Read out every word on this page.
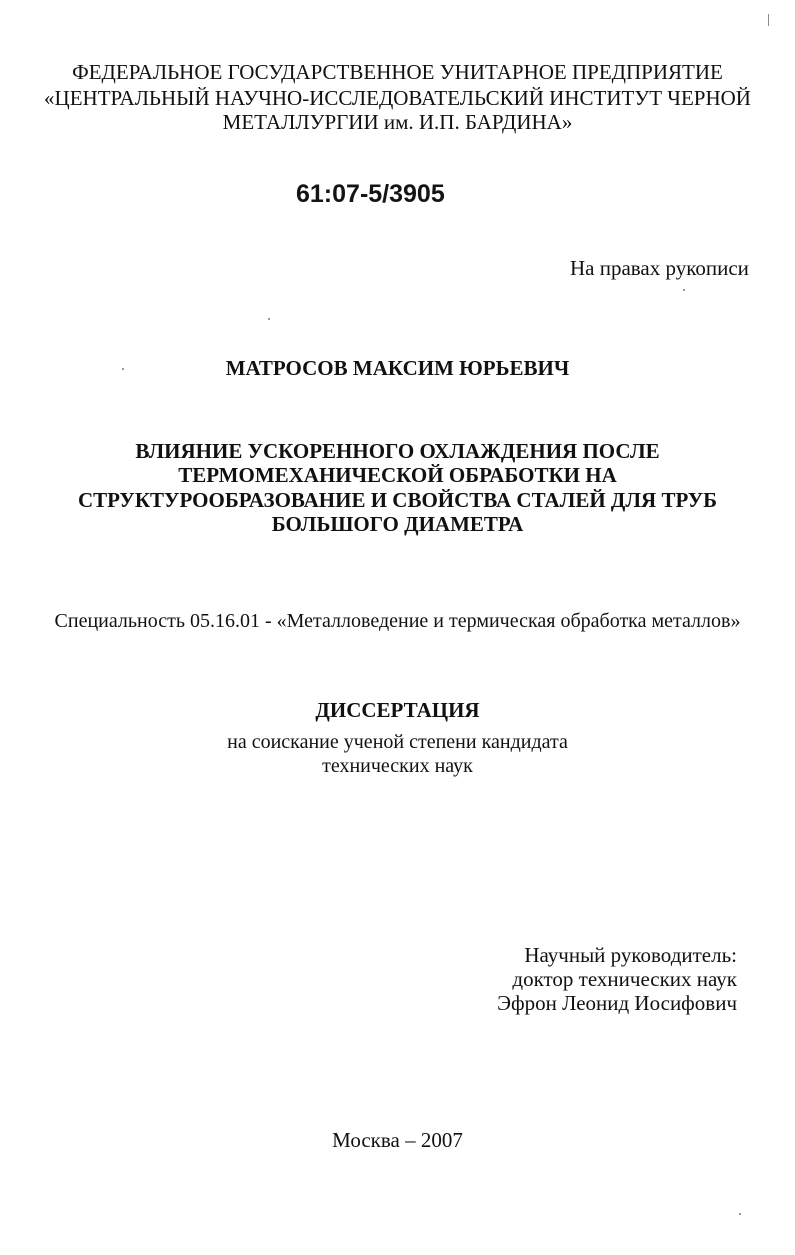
ФЕДЕРАЛЬНОЕ ГОСУДАРСТВЕННОЕ УНИТАРНОЕ ПРЕДПРИЯТИЕ
«ЦЕНТРАЛЬНЫЙ НАУЧНО-ИССЛЕДОВАТЕЛЬСКИЙ ИНСТИТУТ ЧЕРНОЙ
МЕТАЛЛУРГИИ им. И.П. БАРДИНА»
61:07-5/3905
На правах рукописи
МАТРОСОВ МАКСИМ ЮРЬЕВИЧ
ВЛИЯНИЕ УСКОРЕННОГО ОХЛАЖДЕНИЯ ПОСЛЕ
ТЕРМОМЕХАНИЧЕСКОЙ ОБРАБОТКИ НА
СТРУКТУРООБРАЗОВАНИЕ И СВОЙСТВА СТАЛЕЙ ДЛЯ ТРУБ
БОЛЬШОГО ДИАМЕТРА
Специальность 05.16.01 - «Металловедение и термическая обработка металлов»
ДИССЕРТАЦИЯ
на соискание ученой степени кандидата
технических наук
Научный руководитель:
доктор технических наук
Эфрон Леонид Иосифович
Москва – 2007
